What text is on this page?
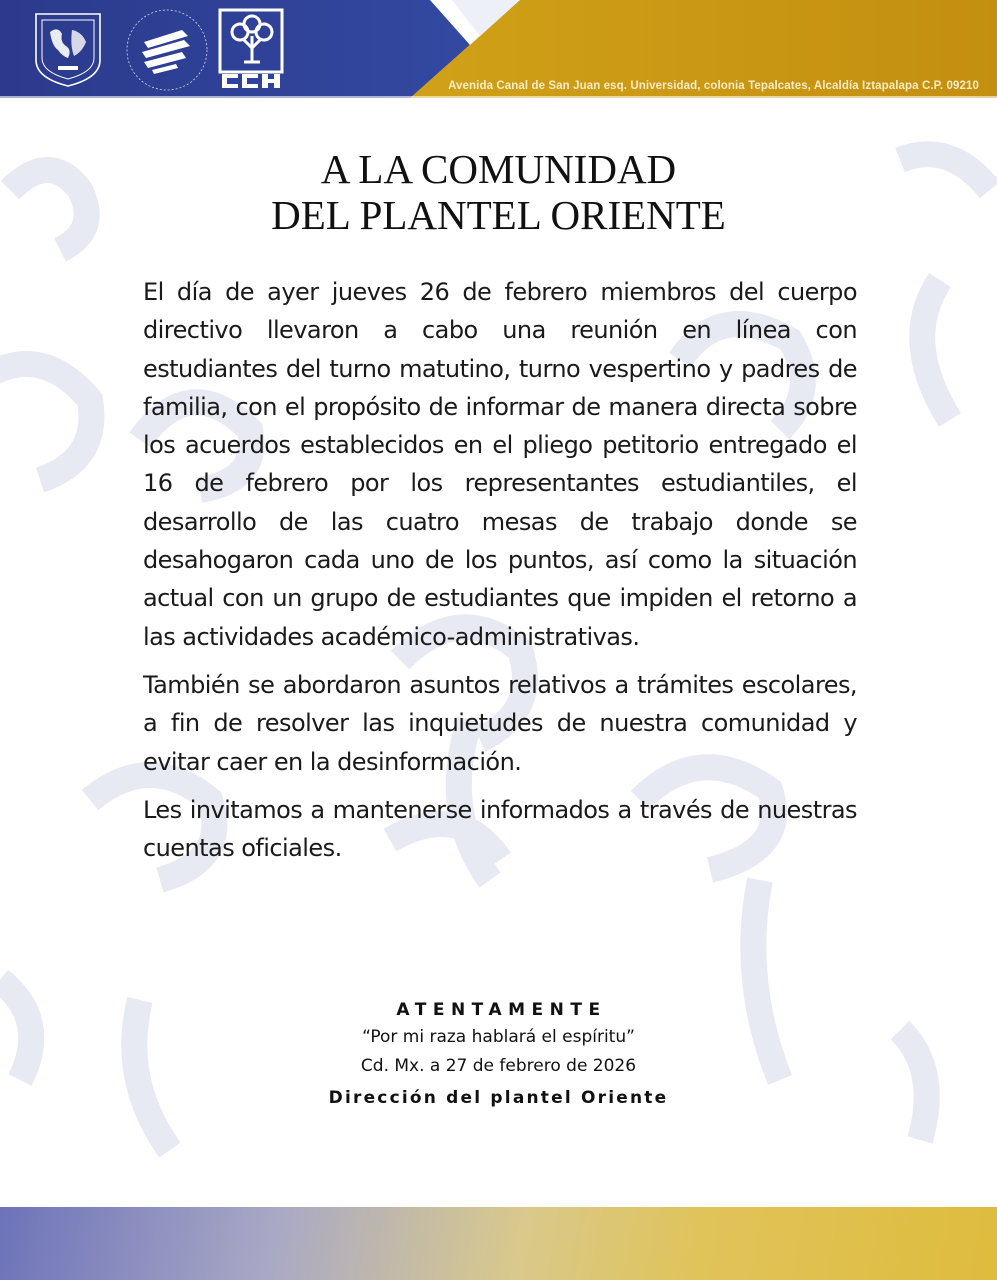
Avenida Canal de San Juan esq. Universidad, colonia Tepalcates, Alcaldía Iztapalapa C.P. 09210
A LA COMUNIDAD
DEL PLANTEL ORIENTE

El día de ayer jueves 26 de febrero miembros del cuerpo directivo llevaron a cabo una reunión en línea con estudiantes del turno matutino, turno vespertino y padres de familia, con el propósito de informar de manera directa sobre los acuerdos establecidos en el pliego petitorio entregado el 16 de febrero por los representantes estudiantiles, el desarrollo de las cuatro mesas de trabajo donde se desahogaron cada uno de los puntos, así como la situación actual con un grupo de estudiantes que impiden el retorno a las actividades académico-administrativas.

También se abordaron asuntos relativos a trámites escolares, a fin de resolver las inquietudes de nuestra comunidad y evitar caer en la desinformación.

Les invitamos a mantenerse informados a través de nuestras cuentas oficiales.

ATENTAMENTE
“Por mi raza hablará el espíritu”
Cd. Mx. a 27 de febrero de 2026
Dirección del plantel Oriente
